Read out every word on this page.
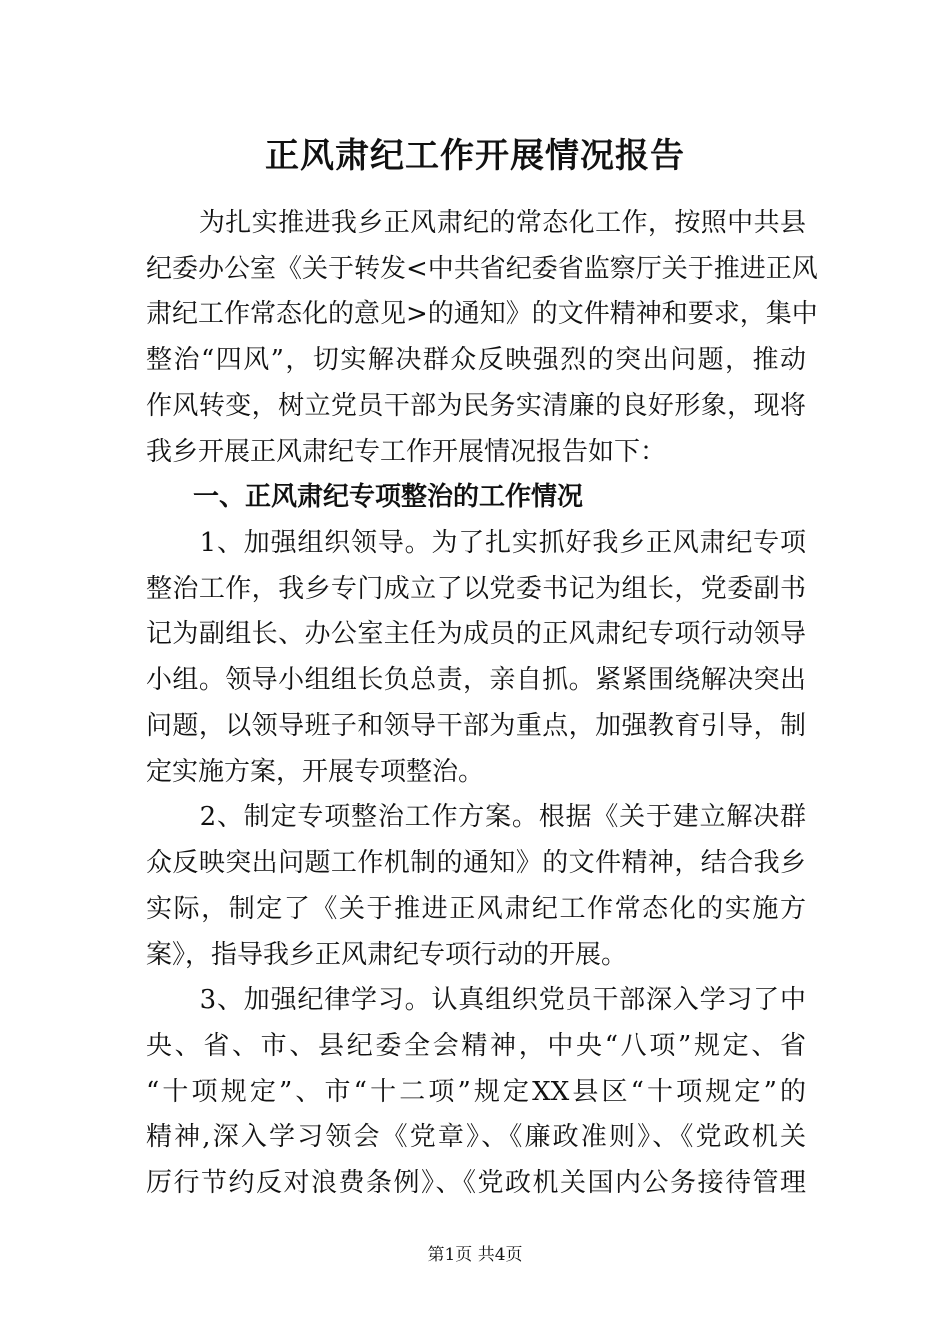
正风肃纪工作开展情况报告
　　为扎实推进我乡正风肃纪的常态化工作，按照中共县
纪委办公室《关于转发<中共省纪委省监察厅关于推进正风
肃纪工作常态化的意见>的通知》的文件精神和要求，集中
整治“四风”，切实解决群众反映强烈的突出问题，推动
作风转变，树立党员干部为民务实清廉的良好形象，现将
我乡开展正风肃纪专工作开展情况报告如下：
一、正风肃纪专项整治的工作情况
　　1、加强组织领导。为了扎实抓好我乡正风肃纪专项
整治工作，我乡专门成立了以党委书记为组长，党委副书
记为副组长、办公室主任为成员的正风肃纪专项行动领导
小组。领导小组组长负总责，亲自抓。紧紧围绕解决突出
问题，以领导班子和领导干部为重点，加强教育引导，制
定实施方案，开展专项整治。
　　2、制定专项整治工作方案。根据《关于建立解决群
众反映突出问题工作机制的通知》的文件精神，结合我乡
实际，制定了《关于推进正风肃纪工作常态化的实施方
案》，指导我乡正风肃纪专项行动的开展。
　　3、加强纪律学习。认真组织党员干部深入学习了中
央、省、市、县纪委全会精神，中央“八项”规定、省
“十项规定”、市“十二项”规定XX县区“十项规定”的
精神,深入学习领会《党章》、《廉政准则》、《党政机关
厉行节约反对浪费条例》、《党政机关国内公务接待管理
第1页 共4页
